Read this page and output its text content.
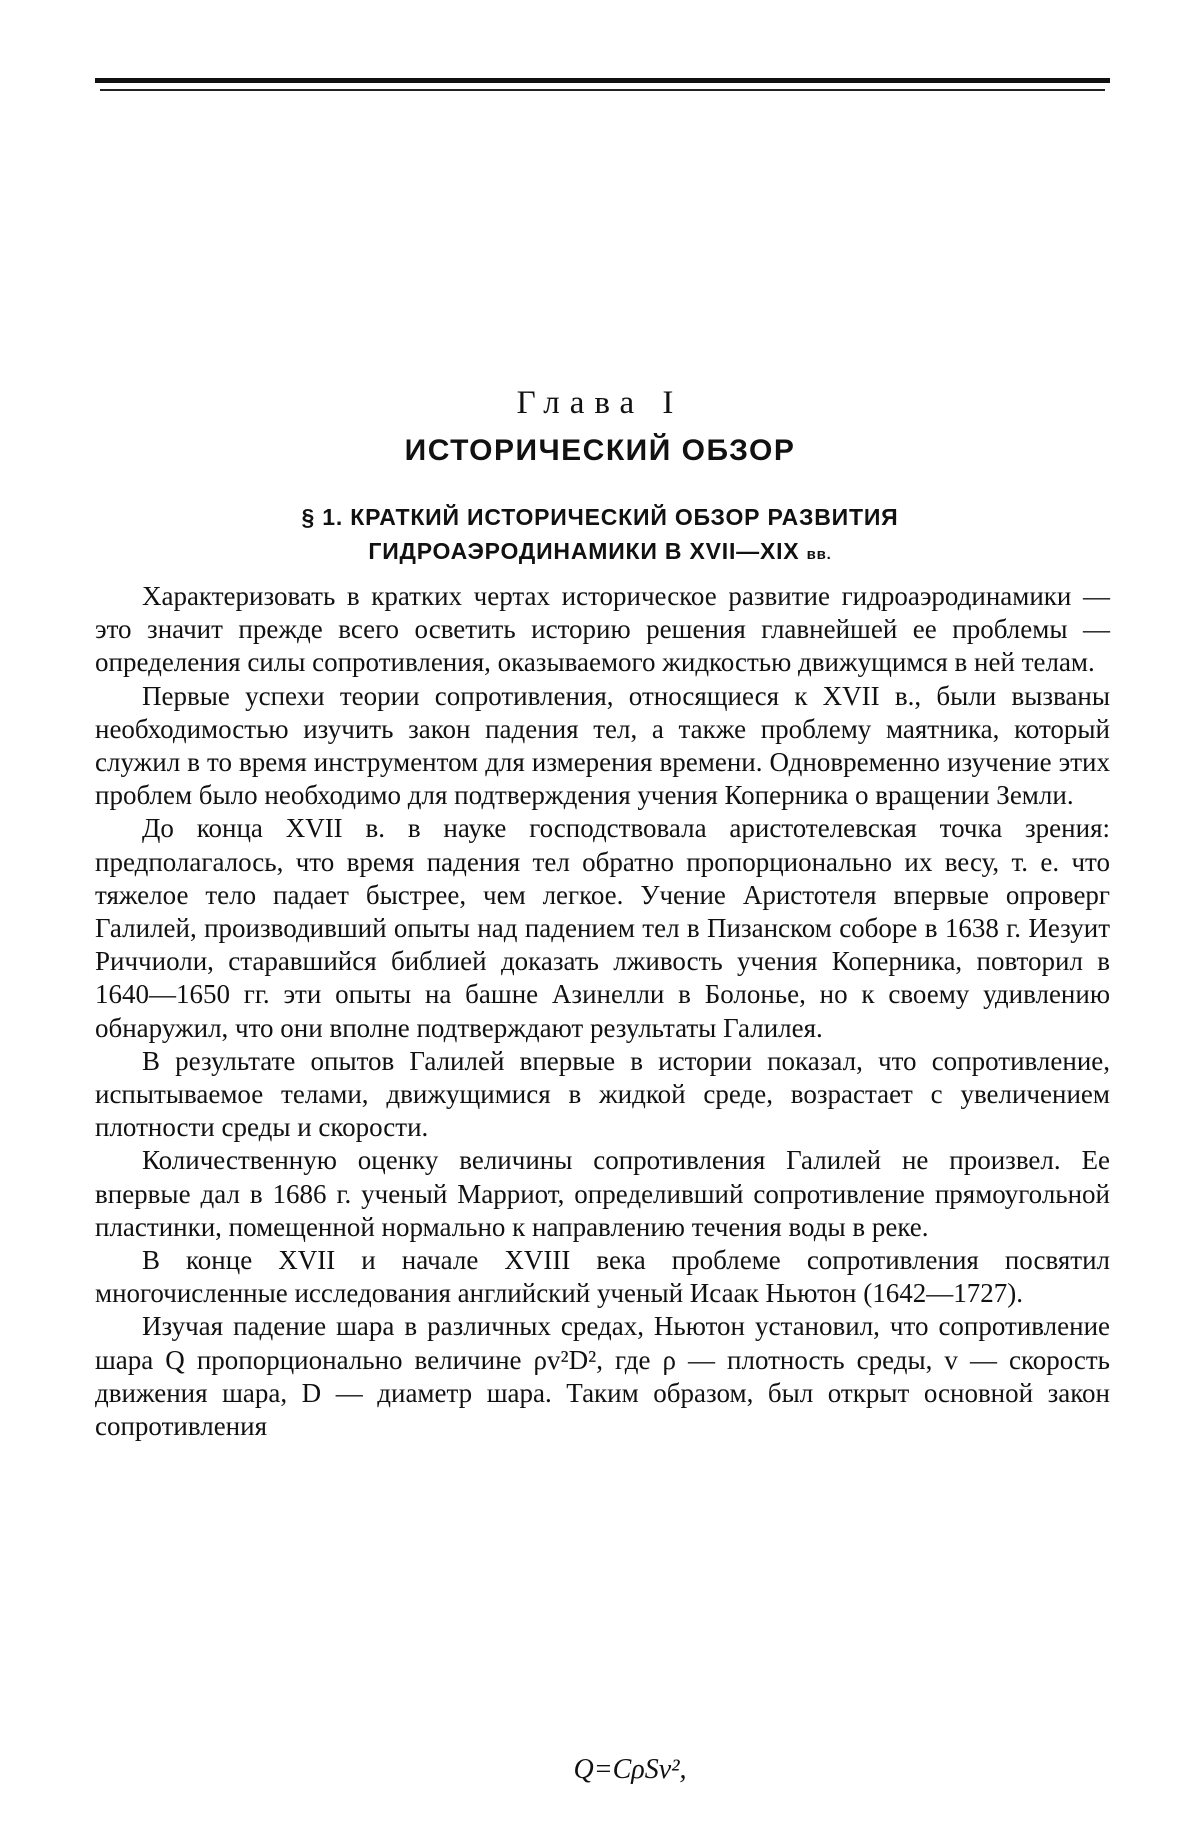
Глава I
ИСТОРИЧЕСКИЙ ОБЗОР
§ 1. КРАТКИЙ ИСТОРИЧЕСКИЙ ОБЗОР РАЗВИТИЯ
ГИДРОАЭРОДИНАМИКИ В XVII—XIX вв.

Характеризовать в кратких чертах историческое развитие гидроаэродинамики — это значит прежде всего осветить историю решения главнейшей ее проблемы — определения силы сопротивления, оказываемого жидкостью движущимся в ней телам.

Первые успехи теории сопротивления, относящиеся к XVII в., были вызваны необходимостью изучить закон падения тел, а также проблему маятника, который служил в то время инструментом для измерения времени. Одновременно изучение этих проблем было необходимо для подтверждения учения Коперника о вращении Земли.

До конца XVII в. в науке господствовала аристотелевская точка зрения: предполагалось, что время падения тел обратно пропорционально их весу, т. е. что тяжелое тело падает быстрее, чем легкое. Учение Аристотеля впервые опроверг Галилей, производивший опыты над падением тел в Пизанском соборе в 1638 г. Иезуит Риччиоли, старавшийся библией доказать лживость учения Коперника, повторил в 1640—1650 гг. эти опыты на башне Азинелли в Болонье, но к своему удивлению обнаружил, что они вполне подтверждают результаты Галилея.

В результате опытов Галилей впервые в истории показал, что сопротивление, испытываемое телами, движущимися в жидкой среде, возрастает с увеличением плотности среды и скорости.

Количественную оценку величины сопротивления Галилей не произвел. Ее впервые дал в 1686 г. ученый Марриот, определивший сопротивление прямоугольной пластинки, помещенной нормально к направлению течения воды в реке.

В конце XVII и начале XVIII века проблеме сопротивления посвятил многочисленные исследования английский ученый Исаак Ньютон (1642—1727).

Изучая падение шара в различных средах, Ньютон установил, что сопротивление шара Q пропорционально величине ρv²D², где ρ — плотность среды, v — скорость движения шара, D — диаметр шара. Таким образом, был открыт основной закон сопротивления

Q=CρSv²,
